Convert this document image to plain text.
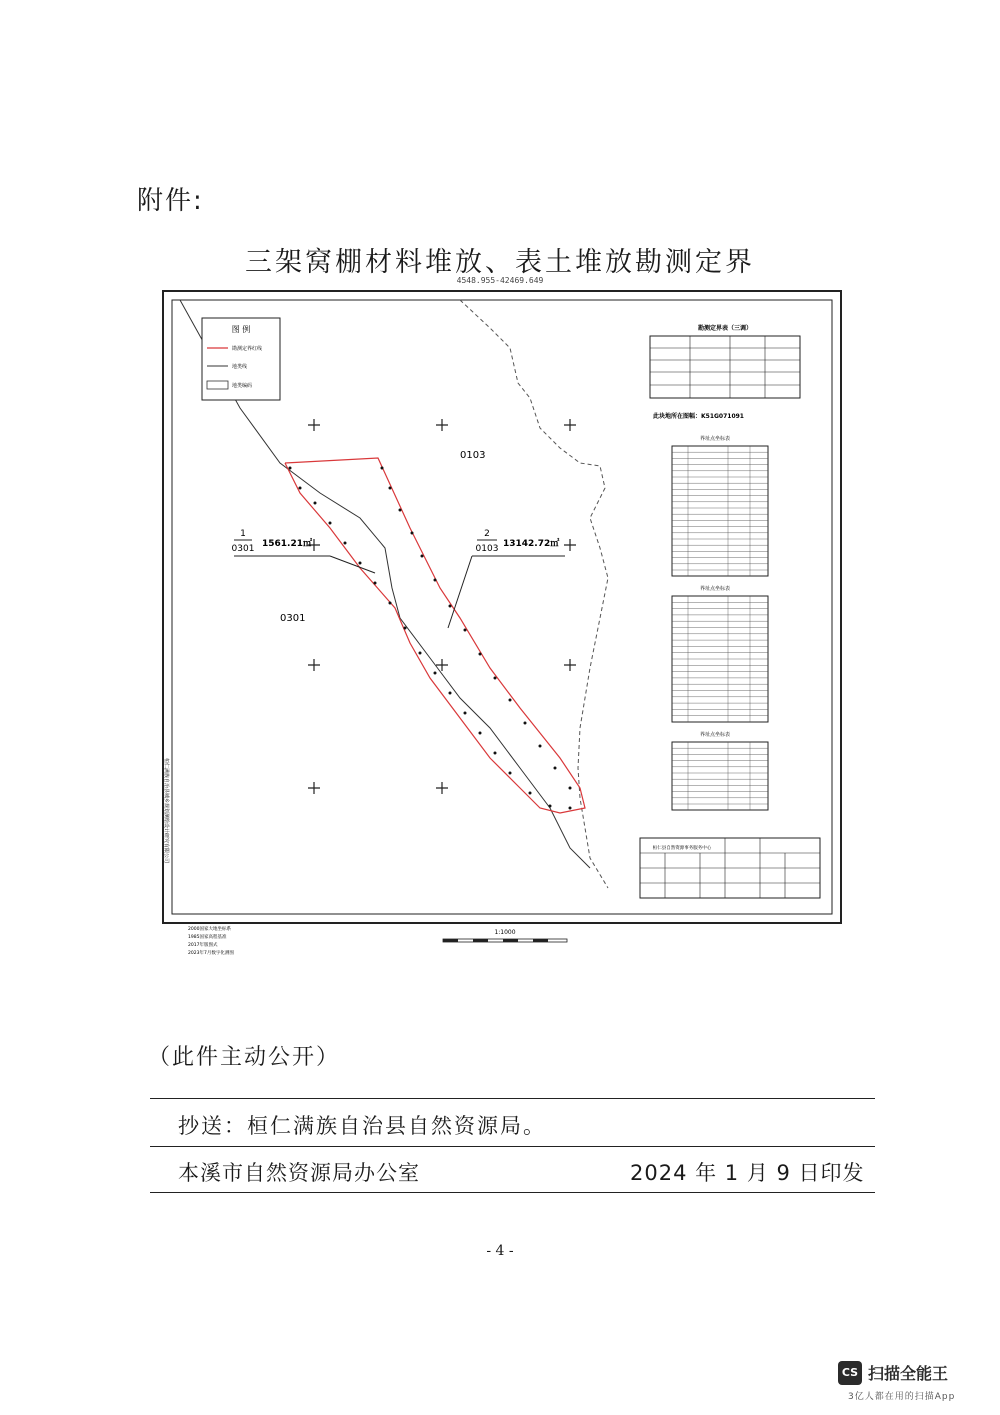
附件:
三架窝棚材料堆放、表土堆放勘测定界
4548.955-42469.649
图 例
勘测定界红线
地类线
地类编码
1
0301 1561.21㎡
2
0103 13142.72㎡
0103
0301
勘测定界表（三调）
此块地所在图幅：K51G071091
界址点坐标表
界址点坐标表
界址点坐标表
桓仁县自然资源事务服务中心
桓仁满族自治县城乡规划测绘设计研究有限公司
2000国家大地坐标系
1985国家高程基准
2017年版图式
2023年7月数字化测图
1:1000
（此件主动公开）
抄送：桓仁满族自治县自然资源局。
本溪市自然资源局办公室	2024 年 1 月 9 日印发
- 4 -
CS 扫描全能王
3亿人都在用的扫描App
